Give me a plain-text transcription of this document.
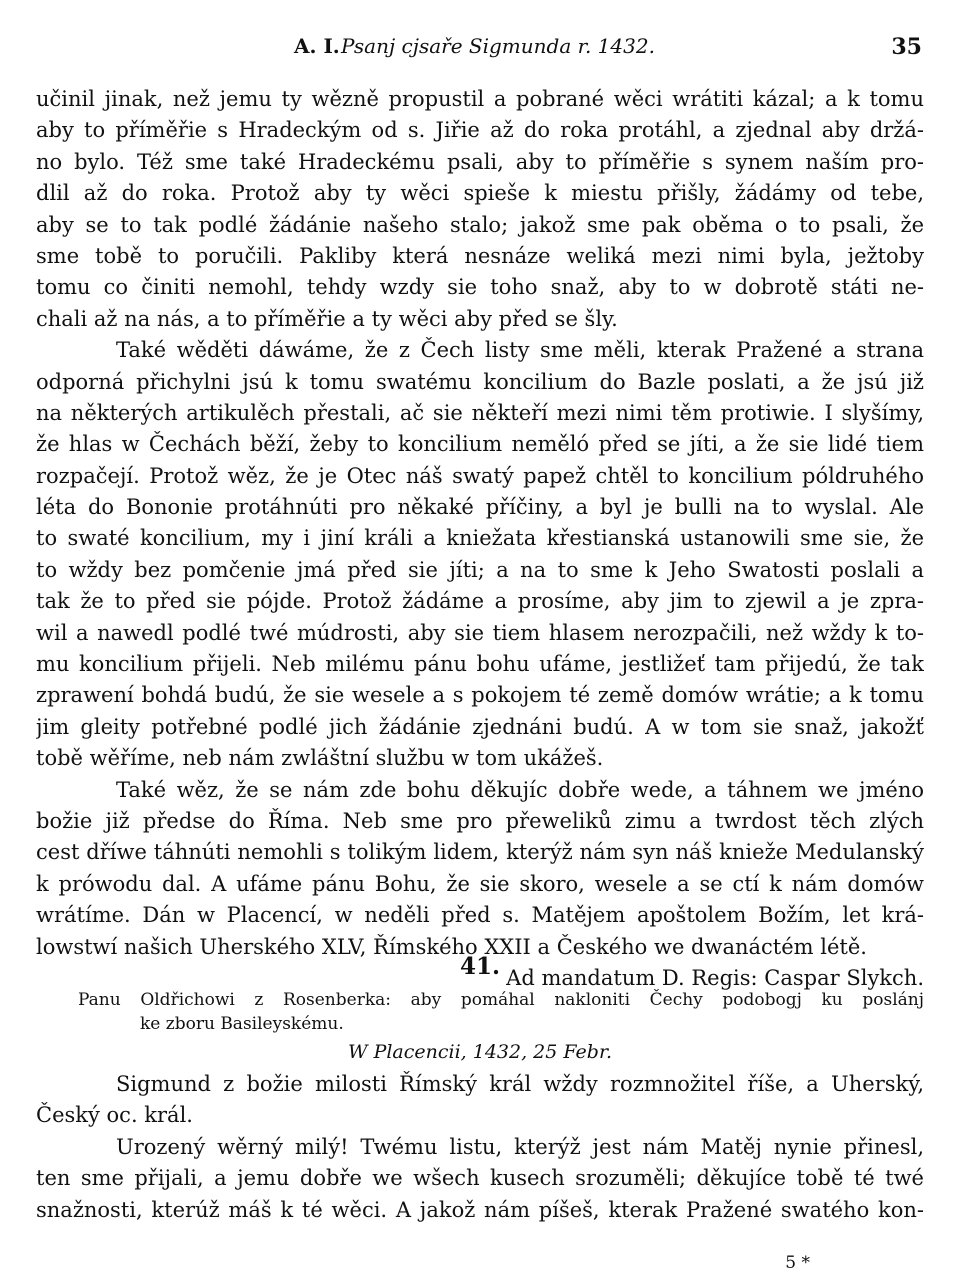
A. I. Psanj cjsaře Sigmunda r. 1432.	35
učinil jinak, než jemu ty wězně propustil a pobrané wěci wrátiti kázal; a k tomu
aby to příměřie s Hradeckým od s. Jiřie až do roka protáhl, a zjednal aby držá-
no bylo. Též sme také Hradeckému psali, aby to příměřie s synem naším pro-
dlil až do roka. Protož aby ty wěci spieše k miestu přišly, žádámy od tebe,
aby se to tak podlé žádánie našeho stalo; jakož sme pak oběma o to psali, že
sme tobě to poručili. Pakliby která nesnáze weliká mezi nimi byla, ježtoby
tomu co činiti nemohl, tehdy wzdy sie toho snaž, aby to w dobrotě státi ne-
chali až na nás, a to příměřie a ty wěci aby před se šly.
Také wěděti dáwáme, že z Čech listy sme měli, kterak Pražené a strana
odporná přichylni jsú k tomu swatému koncilium do Bazle poslati, a že jsú již
na některých artikulěch přestali, ač sie někteří mezi nimi těm protiwie. I slyšímy,
že hlas w Čechách běží, žeby to koncilium neměló před se jíti, a že sie lidé tiem
rozpačejí. Protož wěz, že je Otec náš swatý papež chtěl to koncilium póldruhého
léta do Bononie protáhnúti pro někaké příčiny, a byl je bulli na to wyslal. Ale
to swaté koncilium, my i jiní králi a kniežata křestianská ustanowili sme sie, že
to wždy bez pomčenie jmá před sie jíti; a na to sme k Jeho Swatosti poslali a
tak že to před sie pójde. Protož žádáme a prosíme, aby jim to zjewil a je zpra-
wil a nawedl podlé twé múdrosti, aby sie tiem hlasem nerozpačili, než wždy k to-
mu koncilium přijeli. Neb milému pánu bohu ufáme, jestližeť tam přijedú, že tak
zprawení bohdá budú, že sie wesele a s pokojem té země domów wrátie; a k tomu
jim gleity potřebné podlé jich žádánie zjednáni budú. A w tom sie snaž, jakožť
tobě wěříme, neb nám zwláštní službu w tom ukážeš.
Také wěz, že se nám zde bohu děkujíc dobře wede, a táhnem we jméno
božie již předse do Říma. Neb sme pro přeweliků zimu a twrdost těch zlých
cest dříwe táhnúti nemohli s tolikým lidem, kterýž nám syn náš knieže Medulanský
k prówodu dal. A ufáme pánu Bohu, že sie skoro, wesele a se ctí k nám domów
wrátíme. Dán w Placencí, w neděli před s. Matějem apoštolem Božím, let krá-
lowstwí našich Uherského XLV, Římského XXII a Českého we dwanáctém létě.
Ad mandatum D. Regis: Caspar Slykch.
41.
Panu Oldřichowi z Rosenberka: aby pomáhal nakloniti Čechy podobogj ku poslánj
ke zboru Basileyskému.
W Placencii, 1432, 25 Febr.
Sigmund z božie milosti Římský král wždy rozmnožitel říše, a Uherský,
Český oc. král.
Urozený wěrný milý! Twému listu, kterýž jest nám Matěj nynie přinesl,
ten sme přijali, a jemu dobře we wšech kusech srozuměli; děkujíce tobě té twé
snažnosti, kterúž máš k té wěci. A jakož nám píšeš, kterak Pražené swatého kon-
5 *
